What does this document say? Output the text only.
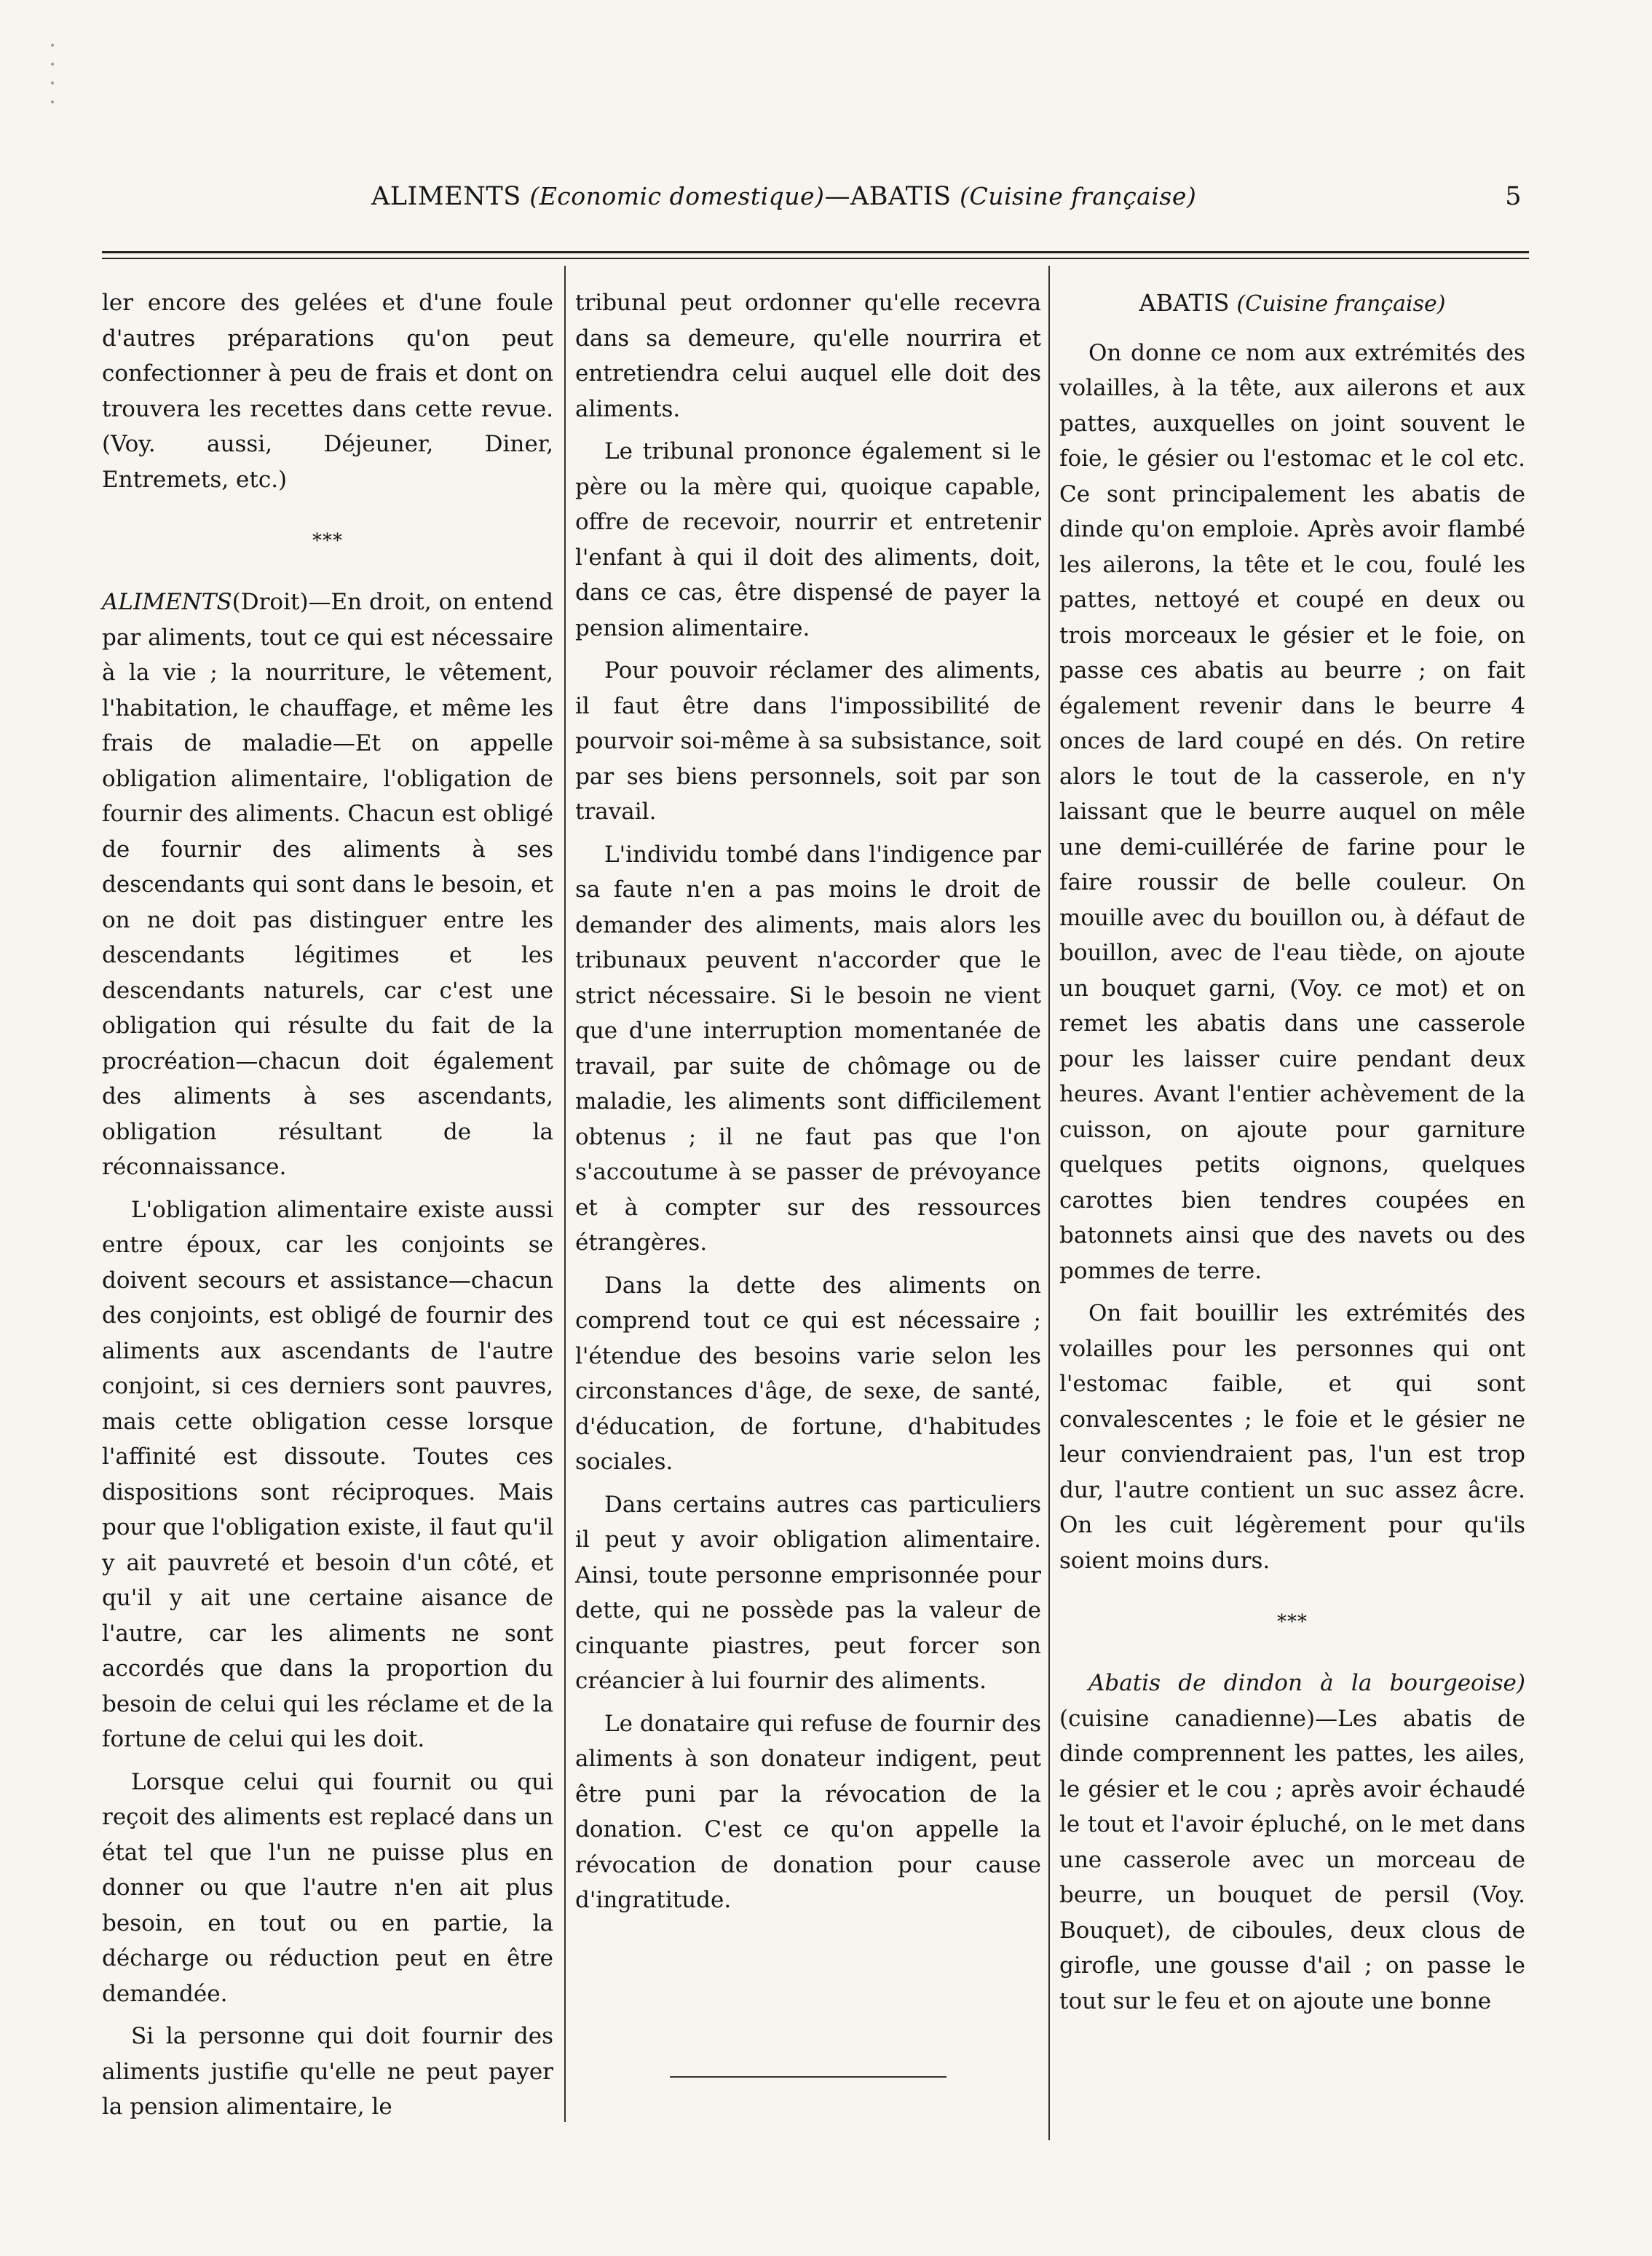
ALIMENTS (Economic domestique)—ABATIS (Cuisine française)	5

ler encore des gelées et d'une foule d'autres préparations qu'on peut confectionner à peu de frais et dont on trouvera les recettes dans cette revue. (Voy. aussi, Déjeuner, Diner, Entremets, etc.)

***

ALIMENTS(Droit)—En droit, on entend par aliments, tout ce qui est nécessaire à la vie ; la nourriture, le vêtement, l'habitation, le chauffage, et même les frais de maladie—Et on appelle obligation alimentaire, l'obligation de fournir des aliments. Chacun est obligé de fournir des aliments à ses descendants qui sont dans le besoin, et on ne doit pas distinguer entre les descendants légitimes et les descendants naturels, car c'est une obligation qui résulte du fait de la procréation—chacun doit également des aliments à ses ascendants, obligation résultant de la réconnaissance.

L'obligation alimentaire existe aussi entre époux, car les conjoints se doivent secours et assistance—chacun des conjoints, est obligé de fournir des aliments aux ascendants de l'autre conjoint, si ces derniers sont pauvres, mais cette obligation cesse lorsque l'affinité est dissoute. Toutes ces dispositions sont réciproques. Mais pour que l'obligation existe, il faut qu'il y ait pauvreté et besoin d'un côté, et qu'il y ait une certaine aisance de l'autre, car les aliments ne sont accordés que dans la proportion du besoin de celui qui les réclame et de la fortune de celui qui les doit.

Lorsque celui qui fournit ou qui reçoit des aliments est replacé dans un état tel que l'un ne puisse plus en donner ou que l'autre n'en ait plus besoin, en tout ou en partie, la décharge ou réduction peut en être demandée.

Si la personne qui doit fournir des aliments justifie qu'elle ne peut payer la pension alimentaire, le

tribunal peut ordonner qu'elle recevra dans sa demeure, qu'elle nourrira et entretiendra celui auquel elle doit des aliments.

Le tribunal prononce également si le père ou la mère qui, quoique capable, offre de recevoir, nourrir et entretenir l'enfant à qui il doit des aliments, doit, dans ce cas, être dispensé de payer la pension alimentaire.

Pour pouvoir réclamer des aliments, il faut être dans l'impossibilité de pourvoir soi-même à sa subsistance, soit par ses biens personnels, soit par son travail.

L'individu tombé dans l'indigence par sa faute n'en a pas moins le droit de demander des aliments, mais alors les tribunaux peuvent n'accorder que le strict nécessaire. Si le besoin ne vient que d'une interruption momentanée de travail, par suite de chômage ou de maladie, les aliments sont difficilement obtenus ; il ne faut pas que l'on s'accoutume à se passer de prévoyance et à compter sur des ressources étrangères.

Dans la dette des aliments on comprend tout ce qui est nécessaire ; l'étendue des besoins varie selon les circonstances d'âge, de sexe, de santé, d'éducation, de fortune, d'habitudes sociales.

Dans certains autres cas particuliers il peut y avoir obligation alimentaire. Ainsi, toute personne emprisonnée pour dette, qui ne possède pas la valeur de cinquante piastres, peut forcer son créancier à lui fournir des aliments.

Le donataire qui refuse de fournir des aliments à son donateur indigent, peut être puni par la révocation de la donation. C'est ce qu'on appelle la révocation de donation pour cause d'ingratitude.

ABATIS (Cuisine française)

On donne ce nom aux extrémités des volailles, à la tête, aux ailerons et aux pattes, auxquelles on joint souvent le foie, le gésier ou l'estomac et le col etc. Ce sont principalement les abatis de dinde qu'on emploie. Après avoir flambé les ailerons, la tête et le cou, foulé les pattes, nettoyé et coupé en deux ou trois morceaux le gésier et le foie, on passe ces abatis au beurre ; on fait également revenir dans le beurre 4 onces de lard coupé en dés. On retire alors le tout de la casserole, en n'y laissant que le beurre auquel on mêle une demi-cuillérée de farine pour le faire roussir de belle couleur. On mouille avec du bouillon ou, à défaut de bouillon, avec de l'eau tiède, on ajoute un bouquet garni, (Voy. ce mot) et on remet les abatis dans une casserole pour les laisser cuire pendant deux heures. Avant l'entier achèvement de la cuisson, on ajoute pour garniture quelques petits oignons, quelques carottes bien tendres coupées en batonnets ainsi que des navets ou des pommes de terre.

On fait bouillir les extrémités des volailles pour les personnes qui ont l'estomac faible, et qui sont convalescentes ; le foie et le gésier ne leur conviendraient pas, l'un est trop dur, l'autre contient un suc assez âcre. On les cuit légèrement pour qu'ils soient moins durs.

***

Abatis de dindon à la bourgeoise) (cuisine canadienne)—Les abatis de dinde comprennent les pattes, les ailes, le gésier et le cou ; après avoir échaudé le tout et l'avoir épluché, on le met dans une casserole avec un morceau de beurre, un bouquet de persil (Voy. Bouquet), de ciboules, deux clous de girofle, une gousse d'ail ; on passe le tout sur le feu et on ajoute une bonne
